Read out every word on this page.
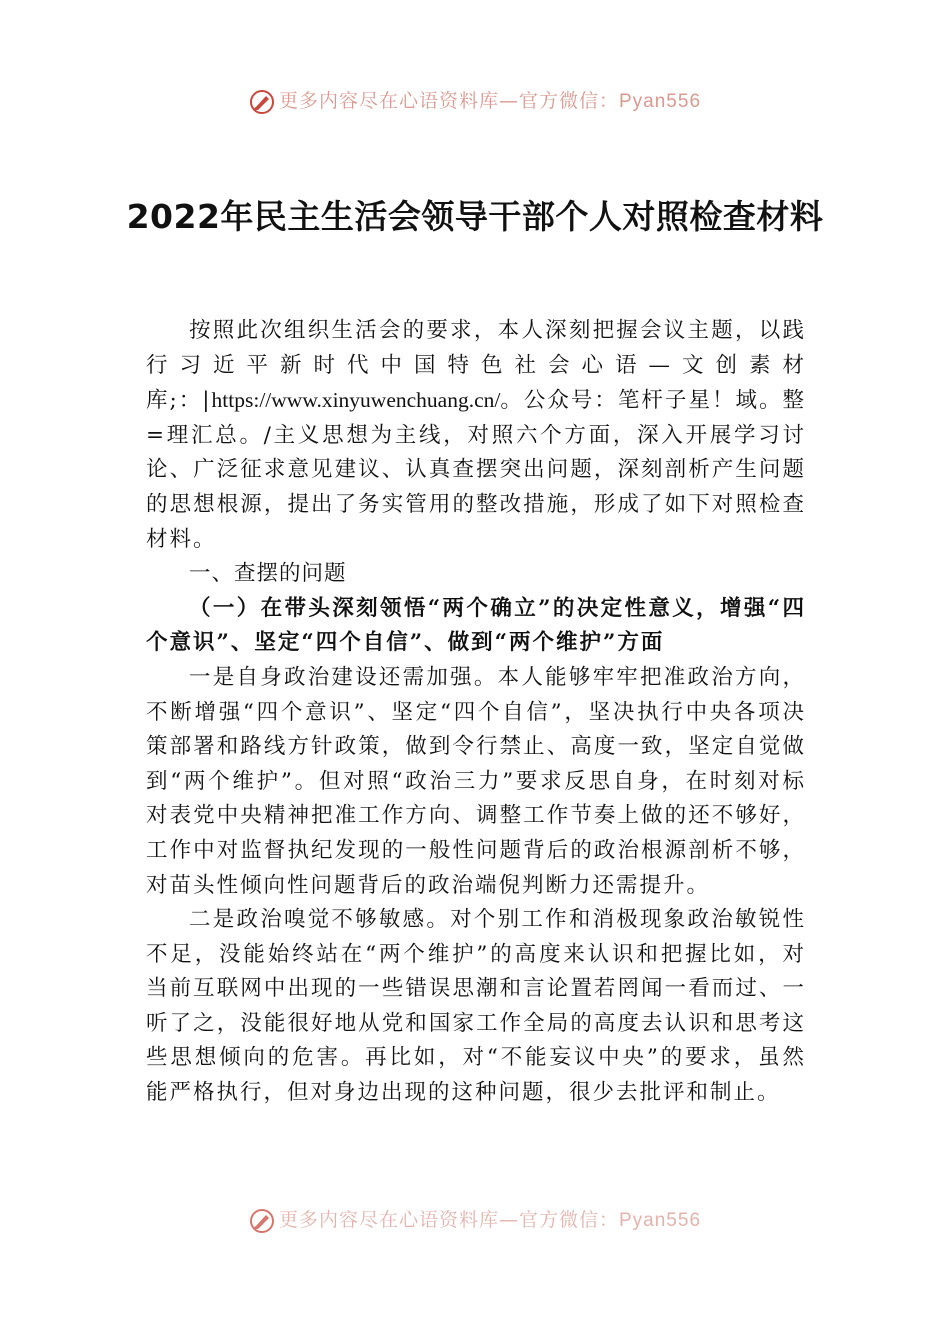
更多内容尽在心语资料库—官方微信：Pyan556
2022年民主生活会领导干部个人对照检查材料

按照此次组织生活会的要求，本人深刻把握会议主题，以践行习近平新时代中国特色社会心语—文创素材库;：|https://www.xinyuwenchuang.cn/。公众号：笔杆子星！域。整=理汇总。/主义思想为主线，对照六个方面，深入开展学习讨论、广泛征求意见建议、认真查摆突出问题，深刻剖析产生问题的思想根源，提出了务实管用的整改措施，形成了如下对照检查材料。

一、查摆的问题

（一）在带头深刻领悟“两个确立”的决定性意义，增强“四个意识”、坚定“四个自信”、做到“两个维护”方面

一是自身政治建设还需加强。本人能够牢牢把准政治方向，不断增强“四个意识”、坚定“四个自信”，坚决执行中央各项决策部署和路线方针政策，做到令行禁止、高度一致，坚定自觉做到“两个维护”。但对照“政治三力”要求反思自身，在时刻对标对表党中央精神把准工作方向、调整工作节奏上做的还不够好，工作中对监督执纪发现的一般性问题背后的政治根源剖析不够，对苗头性倾向性问题背后的政治端倪判断力还需提升。

二是政治嗅觉不够敏感。对个别工作和消极现象政治敏锐性不足，没能始终站在“两个维护”的高度来认识和把握比如，对当前互联网中出现的一些错误思潮和言论置若罔闻一看而过、一听了之，没能很好地从党和国家工作全局的高度去认识和思考这些思想倾向的危害。再比如，对“不能妄议中央”的要求，虽然能严格执行，但对身边出现的这种问题，很少去批评和制止。

更多内容尽在心语资料库—官方微信：Pyan556
